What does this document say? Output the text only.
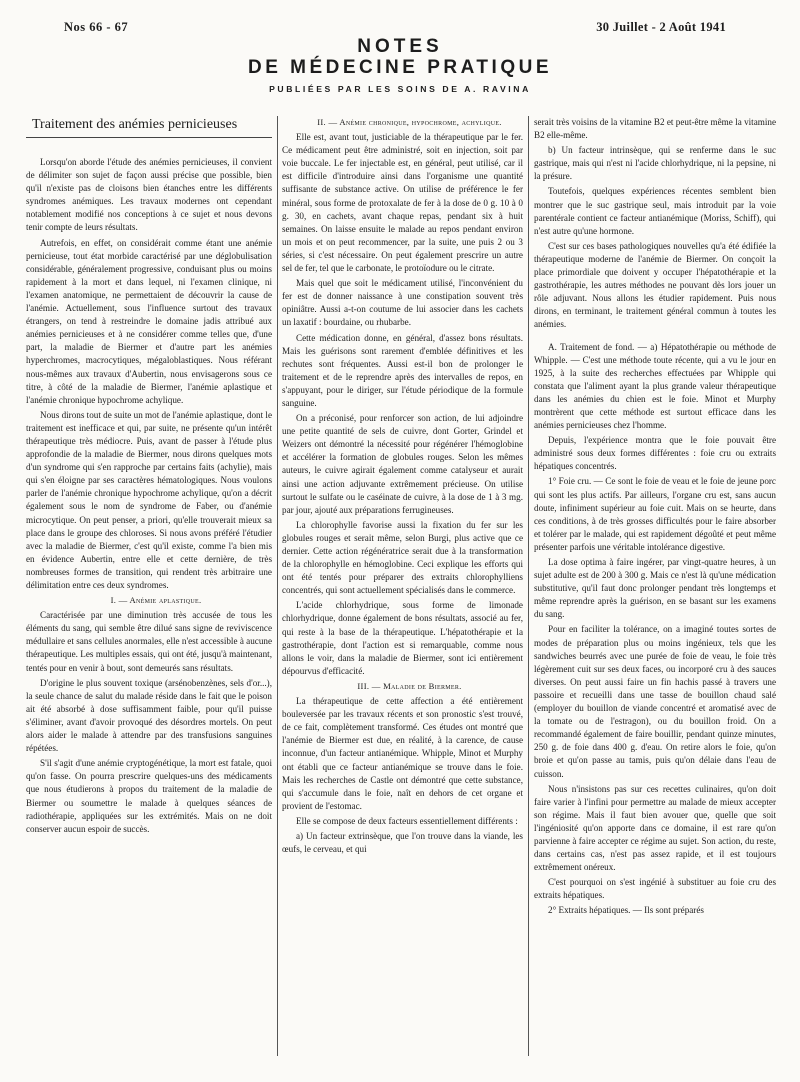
Nos 66 - 67	30 Juillet - 2 Août 1941
NOTES
DE MÉDECINE PRATIQUE
PUBLIÉES PAR LES SOINS DE A. RAVINA
Traitement des anémies pernicieuses

Lorsqu'on aborde l'étude des anémies pernicieuses, il convient de délimiter son sujet de façon aussi précise que possible, bien qu'il n'existe pas de cloisons bien étanches entre les différents syndromes anémiques. Les travaux modernes ont cependant notablement modifié nos conceptions à ce sujet et nous devons tenir compte de leurs résultats.

Autrefois, en effet, on considérait comme étant une anémie pernicieuse, tout état morbide caractérisé par une déglobulisation considérable, généralement progressive, conduisant plus ou moins rapidement à la mort et dans lequel, ni l'examen clinique, ni l'examen anatomique, ne permettaient de découvrir la cause de l'anémie. Actuellement, sous l'influence surtout des travaux étrangers, on tend à restreindre le domaine jadis attribué aux anémies pernicieuses et à ne considérer comme telles que, d'une part, la maladie de Biermer et d'autre part les anémies hyperchromes, macrocytiques, mégaloblastiques. Nous référant nous-mêmes aux travaux d'Aubertin, nous envisagerons sous ce titre, à côté de la maladie de Biermer, l'anémie aplastique et l'anémie chronique hypochrome achylique.

Nous dirons tout de suite un mot de l'anémie aplastique, dont le traitement est inefficace et qui, par suite, ne présente qu'un intérêt thérapeutique très médiocre. Puis, avant de passer à l'étude plus approfondie de la maladie de Biermer, nous dirons quelques mots d'un syndrome qui s'en rapproche par certains faits (achylie), mais qui s'en éloigne par ses caractères hématologiques. Nous voulons parler de l'anémie chronique hypochrome achylique, qu'on a décrit également sous le nom de syndrome de Faber, ou d'anémie microcytique. On peut penser, a priori, qu'elle trouverait mieux sa place dans le groupe des chloroses. Si nous avons préféré l'étudier avec la maladie de Biermer, c'est qu'il existe, comme l'a bien mis en évidence Aubertin, entre elle et cette dernière, de très nombreuses formes de transition, qui rendent très arbitraire une délimitation entre ces deux syndromes.

I. — Anémie aplastique.

Caractérisée par une diminution très accusée de tous les éléments du sang, qui semble être dilué sans signe de reviviscence médullaire et sans cellules anormales, elle n'est accessible à aucune thérapeutique. Les multiples essais, qui ont été, jusqu'à maintenant, tentés pour en venir à bout, sont demeurés sans résultats.

D'origine le plus souvent toxique (arsénobenzènes, sels d'or...), la seule chance de salut du malade réside dans le fait que le poison ait été absorbé à dose suffisamment faible, pour qu'il puisse s'éliminer, avant d'avoir provoqué des désordres mortels. On peut alors aider le malade à attendre par des transfusions sanguines répétées.

S'il s'agit d'une anémie cryptogénétique, la mort est fatale, quoi qu'on fasse. On pourra prescrire quelques-uns des médicaments que nous étudierons à propos du traitement de la maladie de Biermer ou soumettre le malade à quelques séances de radiothérapie, appliquées sur les extrémités. Mais on ne doit conserver aucun espoir de succès.

II. — Anémie chronique, hypochrome, achylique.

Elle est, avant tout, justiciable de la thérapeutique par le fer. Ce médicament peut être administré, soit en injection, soit par voie buccale. Le fer injectable est, en général, peut utilisé, car il est difficile d'introduire ainsi dans l'organisme une quantité suffisante de substance active. On utilise de préférence le fer minéral, sous forme de protoxalate de fer à la dose de 0 g. 10 à 0 g. 30, en cachets, avant chaque repas, pendant six à huit semaines. On laisse ensuite le malade au repos pendant environ un mois et on peut recommencer, par la suite, une puis 2 ou 3 séries, si c'est nécessaire. On peut également prescrire un autre sel de fer, tel que le carbonate, le protoïodure ou le citrate.

Mais quel que soit le médicament utilisé, l'inconvénient du fer est de donner naissance à une constipation souvent très opiniâtre. Aussi a-t-on coutume de lui associer dans les cachets un laxatif : bourdaine, ou rhubarbe.

Cette médication donne, en général, d'assez bons résultats. Mais les guérisons sont rarement d'emblée définitives et les rechutes sont fréquentes. Aussi est-il bon de prolonger le traitement et de le reprendre après des intervalles de repos, en s'appuyant, pour le diriger, sur l'étude périodique de la formule sanguine.

On a préconisé, pour renforcer son action, de lui adjoindre une petite quantité de sels de cuivre, dont Gorter, Grindel et Weizers ont démontré la nécessité pour régénérer l'hémoglobine et accélérer la formation de globules rouges. Selon les mêmes auteurs, le cuivre agirait également comme catalyseur et aurait ainsi une action adjuvante extrêmement précieuse. On utilise surtout le sulfate ou le caséinate de cuivre, à la dose de 1 à 3 mg. par jour, ajouté aux préparations ferrugineuses.

La chlorophylle favorise aussi la fixation du fer sur les globules rouges et serait même, selon Burgi, plus active que ce dernier. Cette action régénératrice serait due à la transformation de la chlorophylle en hémoglobine. Ceci explique les efforts qui ont été tentés pour préparer des extraits chlorophylliens concentrés, qui sont actuellement spécialisés dans le commerce.

L'acide chlorhydrique, sous forme de limonade chlorhydrique, donne également de bons résultats, associé au fer, qui reste à la base de la thérapeutique. L'hépatothérapie et la gastrothérapie, dont l'action est si remarquable, comme nous allons le voir, dans la maladie de Biermer, sont ici entièrement dépourvus d'efficacité.

III. — Maladie de Biermer.

La thérapeutique de cette affection a été entièrement bouleversée par les travaux récents et son pronostic s'est trouvé, de ce fait, complètement transformé. Ces études ont montré que l'anémie de Biermer est due, en réalité, à la carence, de cause inconnue, d'un facteur antianémique. Whipple, Minot et Murphy ont établi que ce facteur antianémique se trouve dans le foie. Mais les recherches de Castle ont démontré que cette substance, qui s'accumule dans le foie, naît en dehors de cet organe et provient de l'estomac.

Elle se compose de deux facteurs essentiellement différents :

a) Un facteur extrinsèque, que l'on trouve dans la viande, les œufs, le cerveau, et qui

serait très voisins de la vitamine B2 et peut-être même la vitamine B2 elle-même.

b) Un facteur intrinsèque, qui se renferme dans le suc gastrique, mais qui n'est ni l'acide chlorhydrique, ni la pepsine, ni la présure.

Toutefois, quelques expériences récentes semblent bien montrer que le suc gastrique seul, mais introduit par la voie parentérale contient ce facteur antianémique (Moriss, Schiff), qui n'est autre qu'une hormone.

C'est sur ces bases pathologiques nouvelles qu'a été édifiée la thérapeutique moderne de l'anémie de Biermer. On conçoit la place primordiale que doivent y occuper l'hépatothérapie et la gastrothérapie, les autres méthodes ne pouvant dès lors jouer un rôle adjuvant. Nous allons les étudier rapidement. Puis nous dirons, en terminant, le traitement général commun à toutes les anémies.

A. Traitement de fond. — a) Hépatothérapie ou méthode de Whipple. — C'est une méthode toute récente, qui a vu le jour en 1925, à la suite des recherches effectuées par Whipple qui constata que l'aliment ayant la plus grande valeur thérapeutique dans les anémies du chien est le foie. Minot et Murphy montrèrent que cette méthode est surtout efficace dans les anémies pernicieuses chez l'homme.

Depuis, l'expérience montra que le foie pouvait être administré sous deux formes différentes : foie cru ou extraits hépatiques concentrés.

1° Foie cru. — Ce sont le foie de veau et le foie de jeune porc qui sont les plus actifs. Par ailleurs, l'organe cru est, sans aucun doute, infiniment supérieur au foie cuit. Mais on se heurte, dans ces conditions, à de très grosses difficultés pour le faire absorber et tolérer par le malade, qui est rapidement dégoûté et peut même présenter parfois une véritable intolérance digestive.

La dose optima à faire ingérer, par vingt-quatre heures, à un sujet adulte est de 200 à 300 g. Mais ce n'est là qu'une médication substitutive, qu'il faut donc prolonger pendant très longtemps et même reprendre après la guérison, en se basant sur les examens du sang.

Pour en faciliter la tolérance, on a imaginé toutes sortes de modes de préparation plus ou moins ingénieux, tels que les sandwiches beurrés avec une purée de foie de veau, le foie très légèrement cuit sur ses deux faces, ou incorporé cru à des sauces diverses. On peut aussi faire un fin hachis passé à travers une passoire et recueilli dans une tasse de bouillon chaud salé (employer du bouillon de viande concentré et aromatisé avec de la tomate ou de l'estragon), ou du bouillon froid. On a recommandé également de faire bouillir, pendant quinze minutes, 250 g. de foie dans 400 g. d'eau. On retire alors le foie, qu'on broie et qu'on passe au tamis, puis qu'on délaie dans l'eau de cuisson.

Nous n'insistons pas sur ces recettes culinaires, qu'on doit faire varier à l'infini pour permettre au malade de mieux accepter son régime. Mais il faut bien avouer que, quelle que soit l'ingéniosité qu'on apporte dans ce domaine, il est rare qu'on parvienne à faire accepter ce régime au sujet. Son action, du reste, dans certains cas, n'est pas assez rapide, et il est toujours extrêmement onéreux.

C'est pourquoi on s'est ingénié à substituer au foie cru des extraits hépatiques.

2° Extraits hépatiques. — Ils sont préparés
